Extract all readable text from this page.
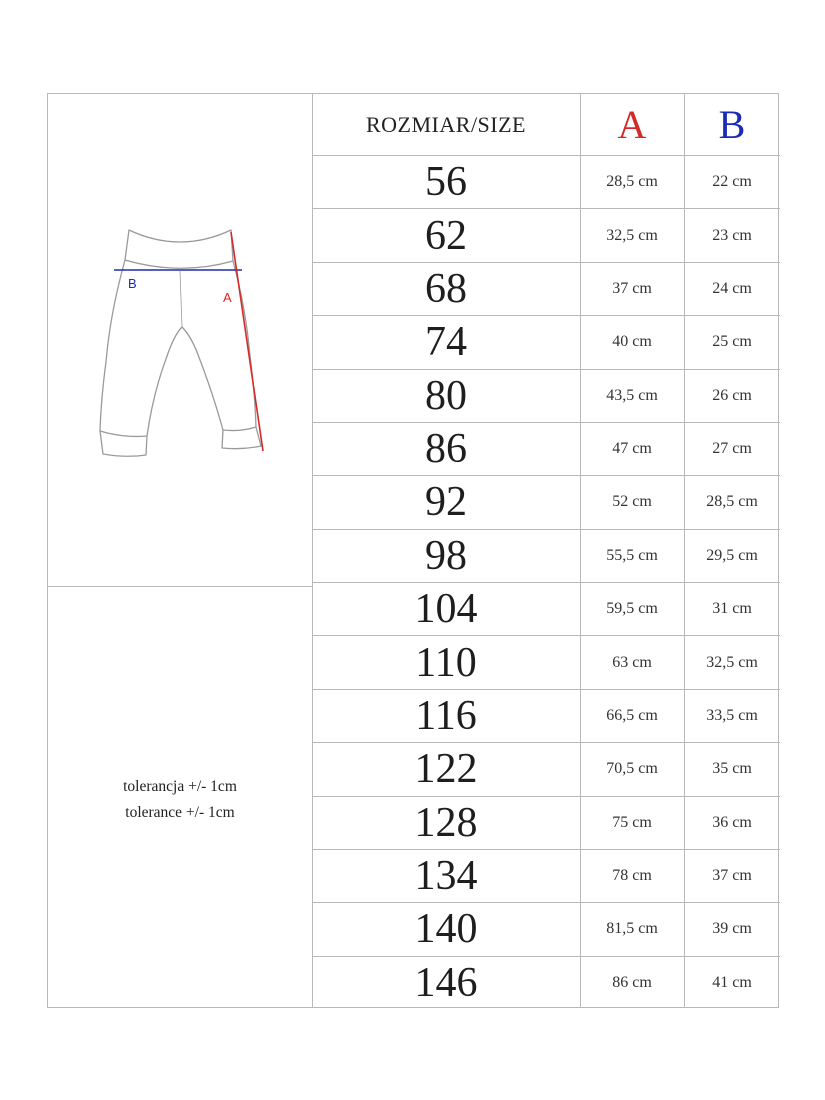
ROZMIAR/SIZE	A	B
56	28,5 cm	22 cm
62	32,5 cm	23 cm
68	37 cm	24 cm
74	40 cm	25 cm
80	43,5 cm	26 cm
86	47 cm	27 cm
92	52 cm	28,5 cm
98	55,5 cm	29,5 cm
104	59,5 cm	31 cm
110	63 cm	32,5 cm
116	66,5 cm	33,5 cm
122	70,5 cm	35 cm
128	75 cm	36 cm
134	78 cm	37 cm
140	81,5 cm	39 cm
146	86 cm	41 cm
B
A
tolerancja +/- 1cm
tolerance +/- 1cm
